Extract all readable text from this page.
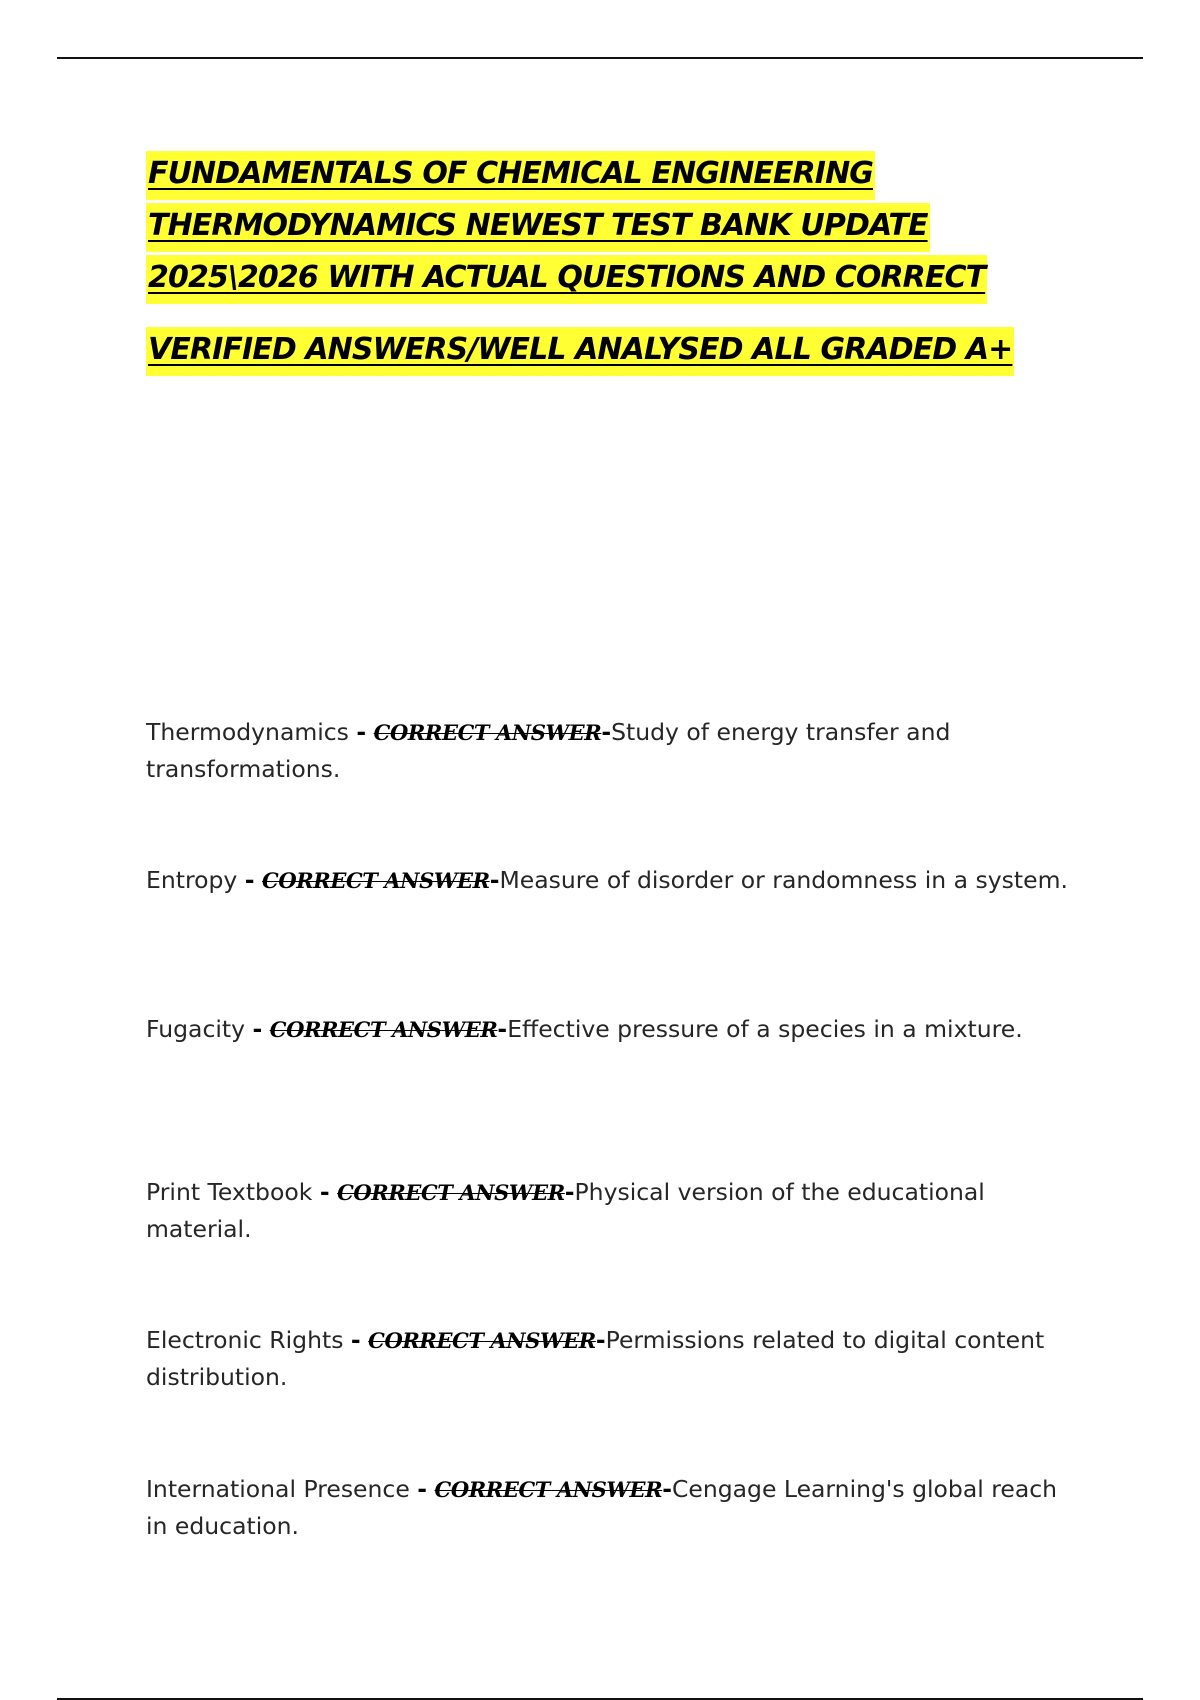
FUNDAMENTALS OF CHEMICAL ENGINEERING
THERMODYNAMICS NEWEST TEST BANK UPDATE
2025\2026 WITH ACTUAL QUESTIONS AND CORRECT
VERIFIED ANSWERS/WELL ANALYSED ALL GRADED A+

Thermodynamics - CORRECT ANSWER-Study of energy transfer and transformations.

Entropy - CORRECT ANSWER-Measure of disorder or randomness in a system.

Fugacity - CORRECT ANSWER-Effective pressure of a species in a mixture.

Print Textbook - CORRECT ANSWER-Physical version of the educational material.

Electronic Rights - CORRECT ANSWER-Permissions related to digital content distribution.

International Presence - CORRECT ANSWER-Cengage Learning's global reach in education.
